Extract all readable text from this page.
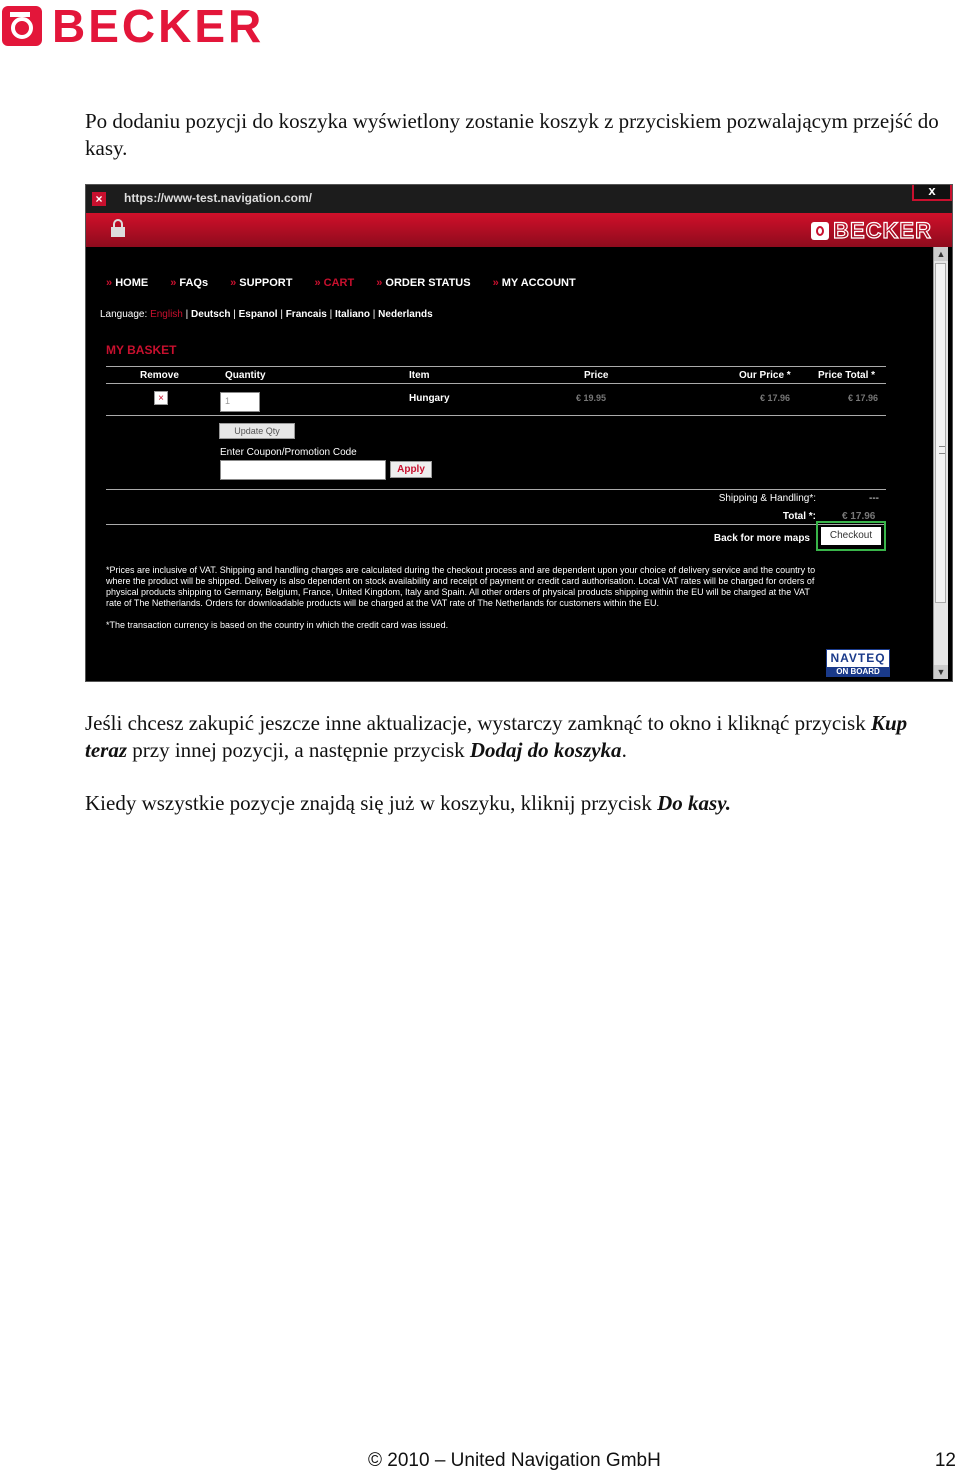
BECKER
Po dodaniu pozycji do koszyka wyświetlony zostanie koszyk z przyciskiem pozwalającym przejść do kasy.
× https://www-test.navigation.com/	x
BECKER
» HOME	» FAQs	» SUPPORT	» CART	» ORDER STATUS	» MY ACCOUNT
Language: English | Deutsch | Espanol | Francais | Italiano | Nederlands
MY BASKET
Remove	Quantity	Item	Price	Our Price *	Price Total *
×	1	Hungary	€ 19.95	€ 17.96	€ 17.96
Update Qty
Enter Coupon/Promotion Code
Apply
Shipping & Handling*:	---
Total *:	€ 17.96
Back for more maps	Checkout
*Prices are inclusive of VAT. Shipping and handling charges are calculated during the checkout process and are dependent upon your choice of delivery service and the country to where the product will be shipped. Delivery is also dependent on stock availability and receipt of payment or credit card authorisation. Local VAT rates will be charged for orders of physical products shipping to Germany, Belgium, France, United Kingdom, Italy and Spain. All other orders of physical products shipping within the EU will be charged at the VAT rate of The Netherlands. Orders for downloadable products will be charged at the VAT rate of The Netherlands for customers within the EU.
*The transaction currency is based on the country in which the credit card was issued.
NAVTEQ
ON BOARD
▲
▼
Jeśli chcesz zakupić jeszcze inne aktualizacje, wystarczy zamknąć to okno i kliknąć przycisk Kup teraz przy innej pozycji, a następnie przycisk Dodaj do koszyka.
Kiedy wszystkie pozycje znajdą się już w koszyku, kliknij przycisk Do kasy.
© 2010 – United Navigation GmbH	12
